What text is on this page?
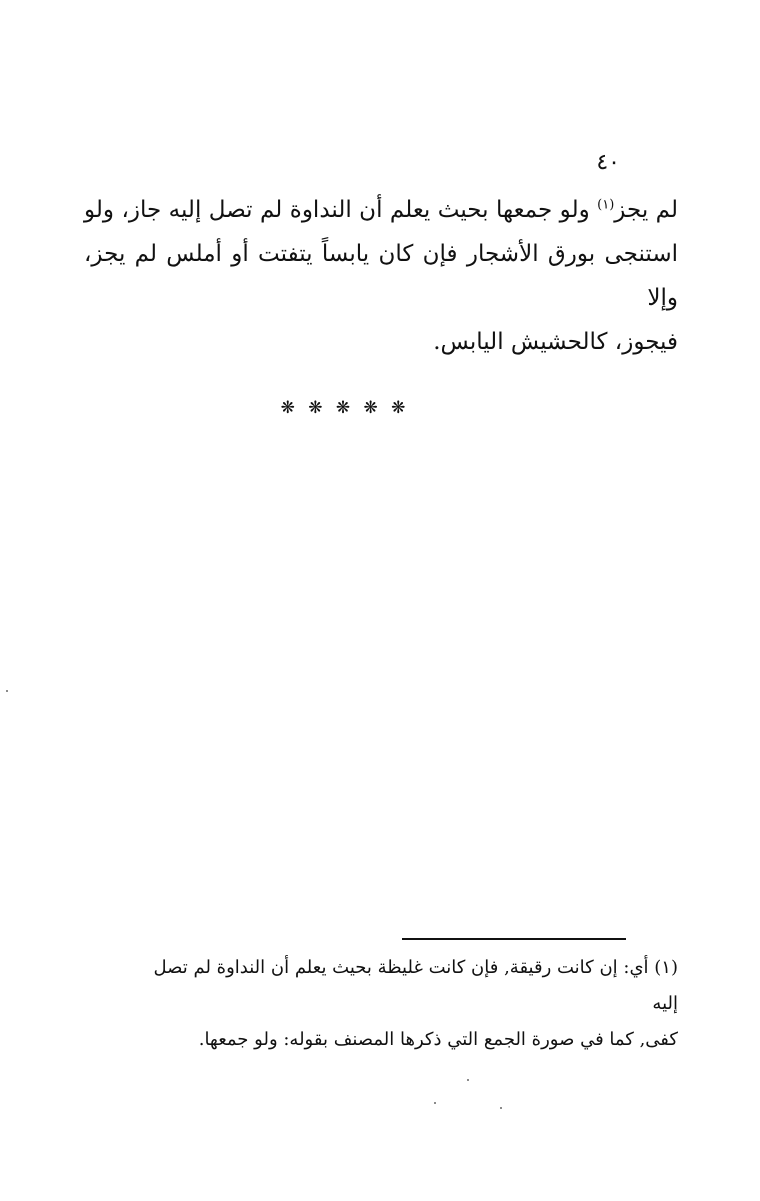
٤٠
لم يجز$^{(١)}$ ولو جمعها بحيث يعلم أن النداوة لم تصل إليه جاز، ولو
استنجى بورق الأشجار فإن كان يابساً يتفتت أو أملس لم يجز، وإلا
فيجوز، كالحشيش اليابس.
❋ ❋ ❋ ❋ ❋
(١) أي: إن كانت رقيقة, فإن كانت غليظة بحيث يعلم أن النداوة لم تصل إليه
كفى, كما في صورة الجمع التي ذكرها المصنف بقوله: ولو جمعها.
